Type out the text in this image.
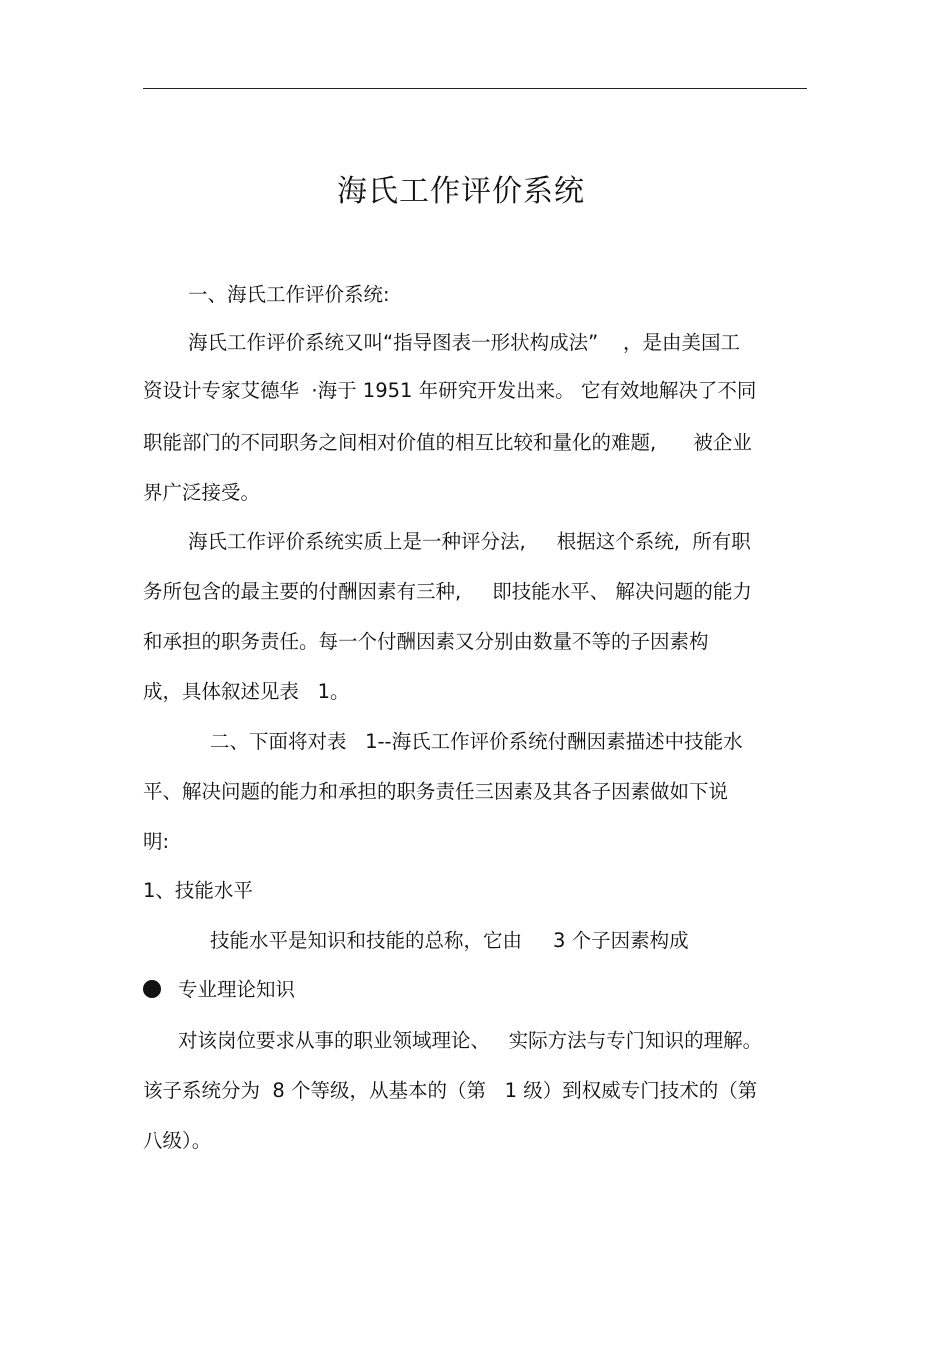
海氏工作评价系统
一、海氏工作评价系统:
海氏工作评价系统又叫“指导图表一形状构成法”    ，是由美国工
资设计专家艾德华  ·海于 1951 年研究开发出来。 它有效地解决了不同
职能部门的不同职务之间相对价值的相互比较和量化的难题,      被企业
界广泛接受。
海氏工作评价系统实质上是一种评分法,     根据这个系统,  所有职
务所包含的最主要的付酬因素有三种,     即技能水平、 解决问题的能力
和承担的职务责任。每一个付酬因素又分别由数量不等的子因素构
成，具体叙述见表   1。
二、下面将对表   1--海氏工作评价系统付酬因素描述中技能水
平、解决问题的能力和承担的职务责任三因素及其各子因素做如下说
明:
1、技能水平
技能水平是知识和技能的总称，它由     3 个子因素构成
专业理论知识
对该岗位要求从事的职业领域理论、   实际方法与专门知识的理解。
该子系统分为  8 个等级，从基本的（第   1 级）到权威专门技术的（第
八级）。
